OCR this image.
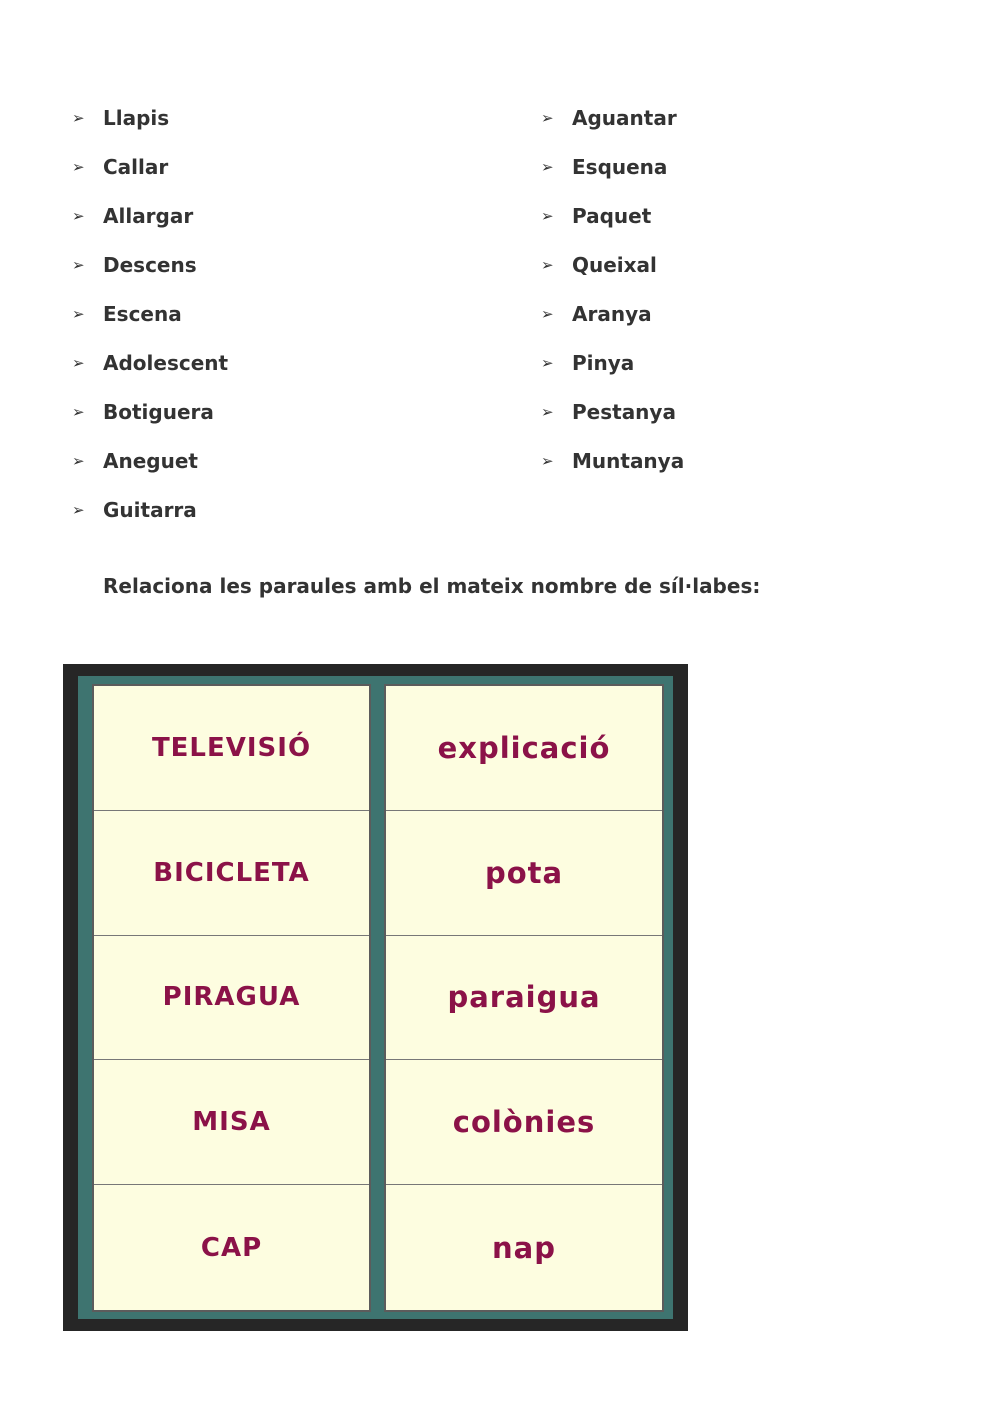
➢ Llapis
➢ Callar
➢ Allargar
➢ Descens
➢ Escena
➢ Adolescent
➢ Botiguera
➢ Aneguet
➢ Guitarra
➢ Aguantar
➢ Esquena
➢ Paquet
➢ Queixal
➢ Aranya
➢ Pinya
➢ Pestanya
➢ Muntanya

Relaciona les paraules amb el mateix nombre de síl·labes:

TELEVISIÓ
BICICLETA
PIRAGUA
MISA
CAP
explicació
pota
paraigua
colònies
nap
